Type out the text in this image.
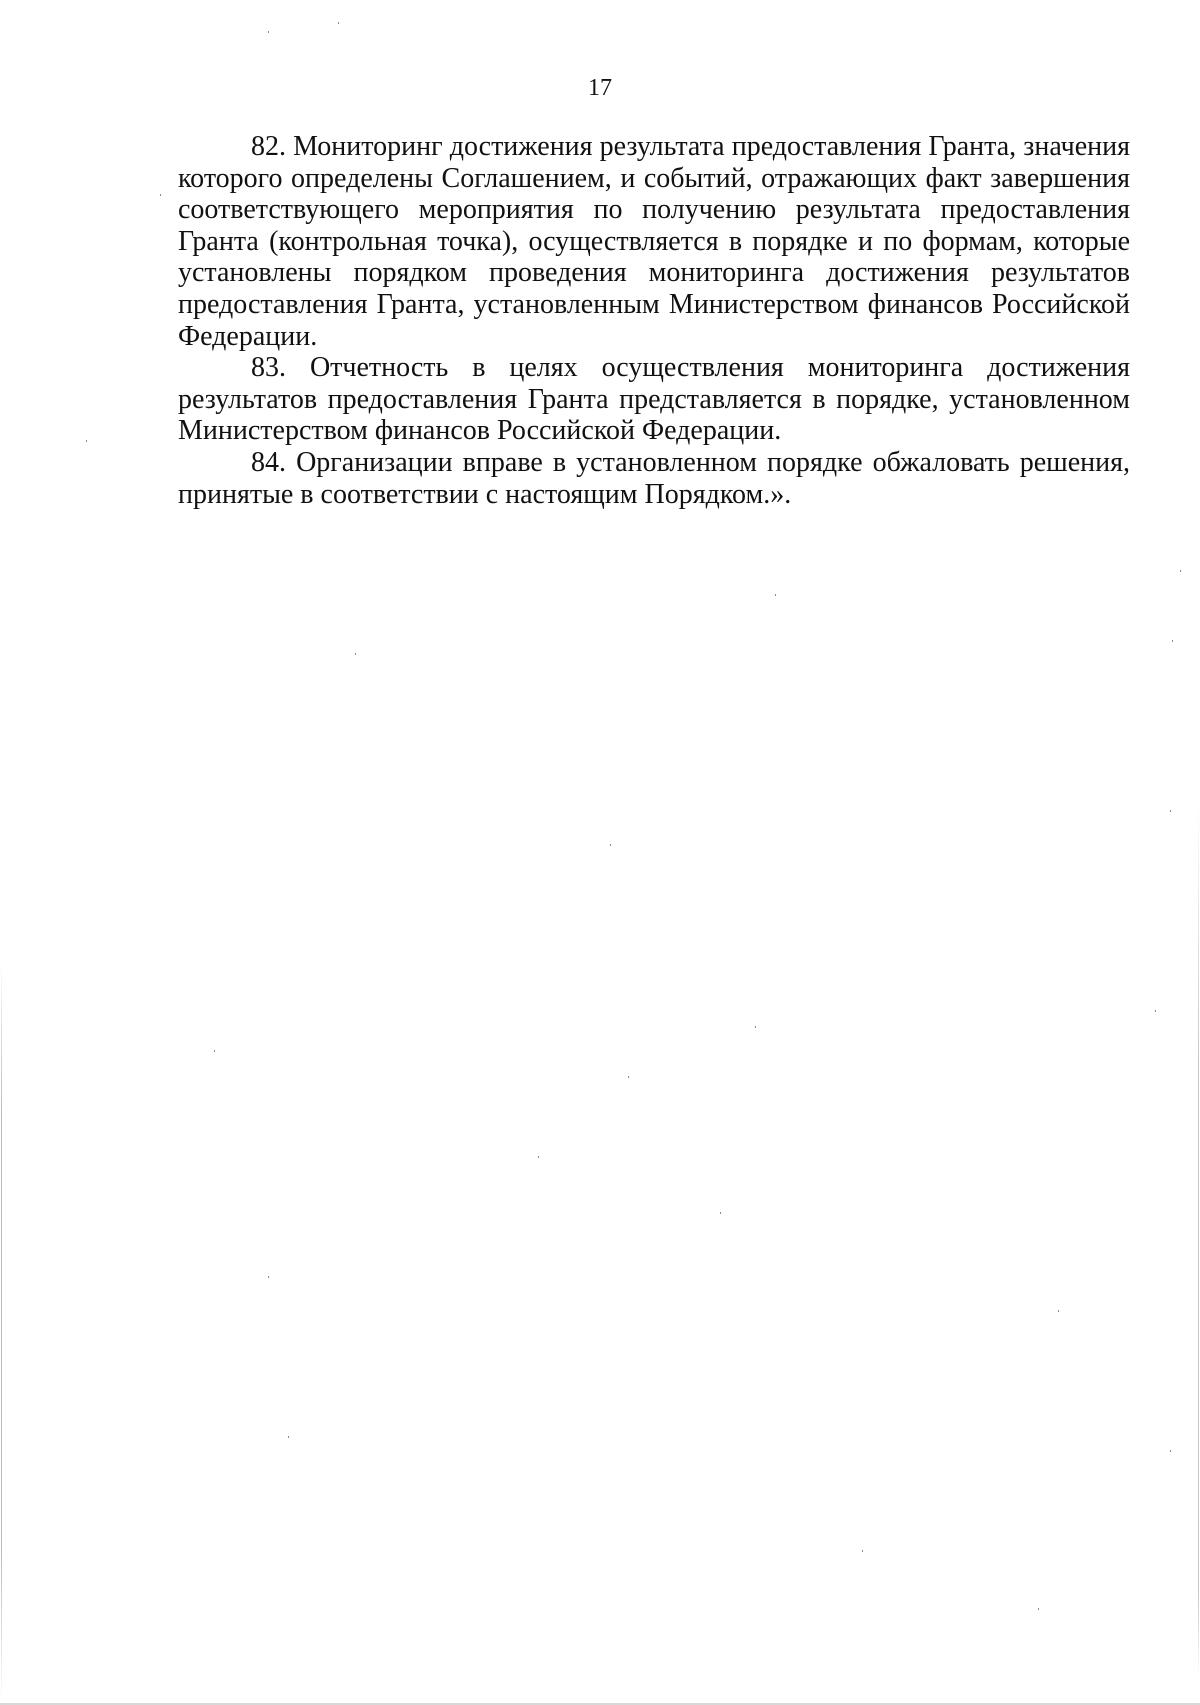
17

82. Мониторинг достижения результата предоставления Гранта, значения которого определены Соглашением, и событий, отражающих факт завершения соответствующего мероприятия по получению результата предоставления Гранта (контрольная точка), осуществляется в порядке и по формам, которые установлены порядком проведения мониторинга достижения результатов предоставления Гранта, установленным Министерством финансов Российской Федерации.

83. Отчетность в целях осуществления мониторинга достижения результатов предоставления Гранта представляется в порядке, установленном Министерством финансов Российской Федерации.

84. Организации вправе в установленном порядке обжаловать решения, принятые в соответствии с настоящим Порядком.».
